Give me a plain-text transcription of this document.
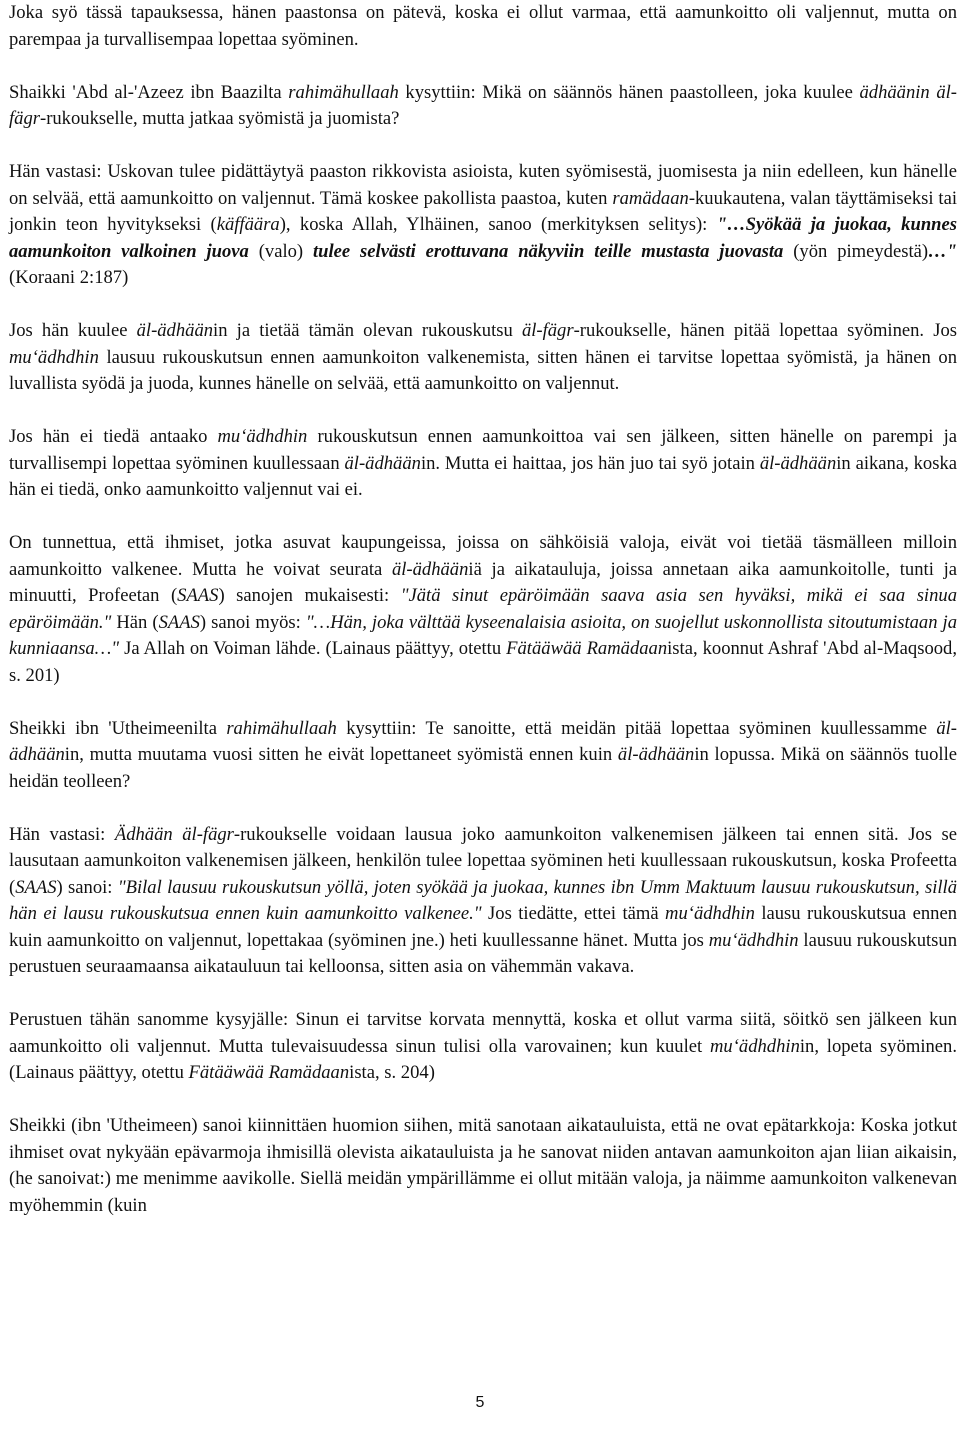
Joka syö tässä tapauksessa, hänen paastonsa on pätevä, koska ei ollut varmaa, että aamunkoitto oli valjennut, mutta on parempaa ja turvallisempaa lopettaa syöminen.

Shaikki 'Abd al-'Azeez ibn Baazilta rahimähullaah kysyttiin: Mikä on säännös hänen paastolleen, joka kuulee ädhäänin äl-fägr-rukoukselle, mutta jatkaa syömistä ja juomista?

Hän vastasi: Uskovan tulee pidättäytyä paaston rikkovista asioista, kuten syömisestä, juomisesta ja niin edelleen, kun hänelle on selvää, että aamunkoitto on valjennut. Tämä koskee pakollista paastoa, kuten ramädaan-kuukautena, valan täyttämiseksi tai jonkin teon hyvitykseksi (käffäära), koska Allah, Ylhäinen, sanoo (merkityksen selitys): "…Syökää ja juokaa, kunnes aamunkoiton valkoinen juova (valo) tulee selvästi erottuvana näkyviin teille mustasta juovasta (yön pimeydestä)…" (Koraani 2:187)

Jos hän kuulee äl-ädhäänin ja tietää tämän olevan rukouskutsu äl-fägr-rukoukselle, hänen pitää lopettaa syöminen. Jos mu‘ädhdhin lausuu rukouskutsun ennen aamunkoiton valkenemista, sitten hänen ei tarvitse lopettaa syömistä, ja hänen on luvallista syödä ja juoda, kunnes hänelle on selvää, että aamunkoitto on valjennut.

Jos hän ei tiedä antaako mu‘ädhdhin rukouskutsun ennen aamunkoittoa vai sen jälkeen, sitten hänelle on parempi ja turvallisempi lopettaa syöminen kuullessaan äl-ädhäänin. Mutta ei haittaa, jos hän juo tai syö jotain äl-ädhäänin aikana, koska hän ei tiedä, onko aamunkoitto valjennut vai ei.

On tunnettua, että ihmiset, jotka asuvat kaupungeissa, joissa on sähköisiä valoja, eivät voi tietää täsmälleen milloin aamunkoitto valkenee. Mutta he voivat seurata äl-ädhääniä ja aikatauluja, joissa annetaan aika aamunkoitolle, tunti ja minuutti, Profeetan (SAAS) sanojen mukaisesti: "Jätä sinut epäröimään saava asia sen hyväksi, mikä ei saa sinua epäröimään." Hän (SAAS) sanoi myös: "…Hän, joka välttää kyseenalaisia asioita, on suojellut uskonnollista sitoutumistaan ja kunniaansa…" Ja Allah on Voiman lähde. (Lainaus päättyy, otettu Fätääwää Ramädaanista, koonnut Ashraf 'Abd al-Maqsood, s. 201)

Sheikki ibn 'Utheimeenilta rahimähullaah kysyttiin: Te sanoitte, että meidän pitää lopettaa syöminen kuullessamme äl-ädhäänin, mutta muutama vuosi sitten he eivät lopettaneet syömistä ennen kuin äl-ädhäänin lopussa. Mikä on säännös tuolle heidän teolleen?

Hän vastasi: Ädhään äl-fägr-rukoukselle voidaan lausua joko aamunkoiton valkenemisen jälkeen tai ennen sitä. Jos se lausutaan aamunkoiton valkenemisen jälkeen, henkilön tulee lopettaa syöminen heti kuullessaan rukouskutsun, koska Profeetta (SAAS) sanoi: "Bilal lausuu rukouskutsun yöllä, joten syökää ja juokaa, kunnes ibn Umm Maktuum lausuu rukouskutsun, sillä hän ei lausu rukouskutsua ennen kuin aamunkoitto valkenee." Jos tiedätte, ettei tämä mu‘ädhdhin lausu rukouskutsua ennen kuin aamunkoitto on valjennut, lopettakaa (syöminen jne.) heti kuullessanne hänet. Mutta jos mu‘ädhdhin lausuu rukouskutsun perustuen seuraamaansa aikatauluun tai kelloonsa, sitten asia on vähemmän vakava.

Perustuen tähän sanomme kysyjälle: Sinun ei tarvitse korvata mennyttä, koska et ollut varma siitä, söitkö sen jälkeen kun aamunkoitto oli valjennut. Mutta tulevaisuudessa sinun tulisi olla varovainen; kun kuulet mu‘ädhdhinin, lopeta syöminen. (Lainaus päättyy, otettu Fätääwää Ramädaanista, s. 204)

Sheikki (ibn 'Utheimeen) sanoi kiinnittäen huomion siihen, mitä sanotaan aikatauluista, että ne ovat epätarkkoja: Koska jotkut ihmiset ovat nykyään epävarmoja ihmisillä olevista aikatauluista ja he sanovat niiden antavan aamunkoiton ajan liian aikaisin, (he sanoivat:) me menimme aavikolle. Siellä meidän ympärillämme ei ollut mitään valoja, ja näimme aamunkoiton valkenevan myöhemmin (kuin

5
